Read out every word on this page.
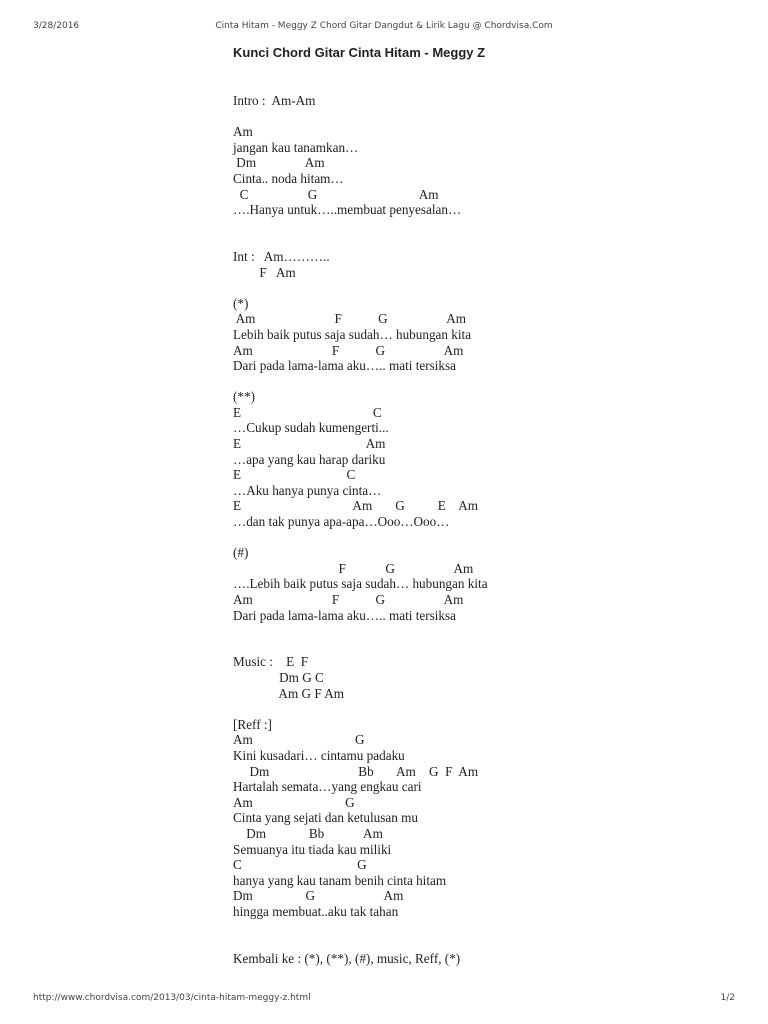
3/28/2016	Cinta Hitam - Meggy Z Chord Gitar Dangdut & Lirik Lagu @ Chordvisa.Com
Kunci Chord Gitar Cinta Hitam - Meggy Z
Intro :  Am-Am
Am
jangan kau tanamkan…
Dm               Am
Cinta.. noda hitam…
C                  G                               Am
….Hanya untuk…..membuat penyesalan…
Int :   Am………..
F   Am
(*)
Am                        F           G                  Am
Lebih baik putus saja sudah… hubungan kita
Am                        F           G                  Am
Dari pada lama-lama aku….. mati tersiksa
(**)
E                                        C
…Cukup sudah kumengerti...
E                                      Am
…apa yang kau harap dariku
E                                C
…Aku hanya punya cinta…
E                                  Am       G          E    Am
…dan tak punya apa-apa…Ooo…Ooo…
(#)
F            G                  Am
….Lebih baik putus saja sudah… hubungan kita
Am                        F           G                  Am
Dari pada lama-lama aku….. mati tersiksa
Music :    E  F
Dm G C
Am G F Am
[Reff :]
Am                               G
Kini kusadari… cintamu padaku
Dm                           Bb       Am    G  F  Am
Hartalah semata…yang engkau cari
Am                            G
Cinta yang sejati dan ketulusan mu
Dm             Bb            Am
Semuanya itu tiada kau miliki
C                                   G
hanya yang kau tanam benih cinta hitam
Dm                G                     Am
hingga membuat..aku tak tahan
Kembali ke : (*), (**), (#), music, Reff, (*)
http://www.chordvisa.com/2013/03/cinta-hitam-meggy-z.html	1/2
